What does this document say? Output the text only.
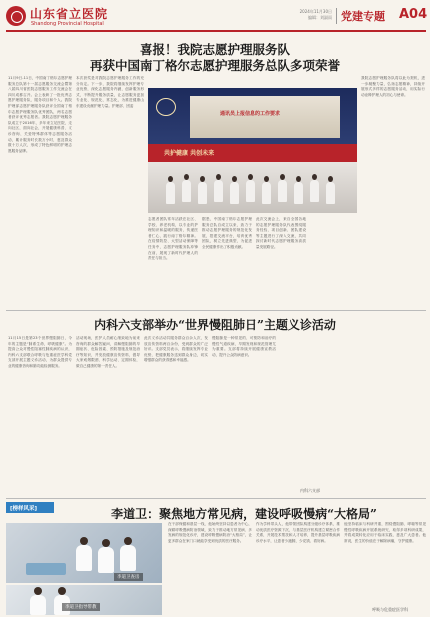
山东省立医院
Shandong Provincial Hospital
2024年11月30日
编辑：刘淑雨 党建专题 A04
喜报！我院志愿护理服务队
再获中国南丁格尔志愿护理服务总队多项荣誉
11月9日-11日，中国南丁格尔志愿护理服务总队第十一届志愿服务交流会暨第八届四川省医院志愿服务工作交流会在四川成都召开。会上表彰了一批优秀志愿护理服务队、服务项目和个人。我院护理部志愿护理服务队获评全国南丁格尔志愿护理服务队优秀团队，两名志愿者获评优秀志愿者。我院志愿护理服务队成立于2016年，多年来立足医院，走向社区，面向社会，开展健康科普、义诊咨询、关爱特殊群体等志愿服务活动，累计服务时长数万小时，惠及群众数十万人次，形成了特色鲜明的护理志愿服务品牌。
本次获奖是对我院志愿护理服务工作的充分肯定。下一步，我院将继续发挥护理专业优势，深化志愿服务内涵，创新服务形式，不断提升服务质量，让志愿服务更加专业化、规范化、常态化，为推进健康山东建设贡献护理力量。护理部、团委
通讯员上报信息的工作要求
共护健康 共创未来
志愿者团队常年活跃在社区、学校、养老机构，以专业的护理知识和温暖的服务，传递医者仁心，践行南丁格尔精神。在疫情防控、大型活动保障等任务中，志愿护理服务队冲锋在前，展现了新时代护理人的责任与担当。
据悉，中国南丁格尔志愿护理服务总队自成立以来，致力于推动志愿护理服务的规范化发展，搭建交流平台，培育优秀团队，树立先进典型，为促进全民健康作出了积极贡献。
此次交流会上，来自全国各地的志愿护理服务队代表围绕服务经验、项目创新、团队建设等主题进行了深入交流，共同探讨新时代志愿护理服务高质量发展路径。
我院志愿护理服务队将以此为契机，进一步凝聚力量，弘扬志愿精神，持续开展形式多样的志愿服务活动，用实际行动诠释护理人的初心与使命。
内科六支部举办“世界慢阻肺日”主题义诊活动
11月15日是第23个世界慢阻肺日，今年的主题是“肺系生命，呼吸健康”。为提高公众对慢性阻塞性肺疾病的认识，内科六支部联合呼吸与危重症医学科党支部开展主题义诊活动，为群众提供专业的健康咨询和肺功能检测服务。
活动现场，医护人员耐心细致地为前来咨询的群众解答疑问，讲解慢阻肺的早期症状、危险因素、预防措施及规范治疗等知识，并发放健康宣传资料，倡导大家戒烟限酒、科学运动、定期体检，做自己健康的第一责任人。
此次义诊活动共服务群众百余人次，发放宣传资料两百余份，受到群众的广泛好评。支部党员表示，将继续发挥专业优势，把健康服务送到群众身边，切实增强群众的获得感和幸福感。
慢阻肺是一种常见的、可预防和治疗的慢性气道疾病，早期发现和规范管理尤为重要。支部将持续开展健康宣教活动，提升公众防病意识。
内科六支部
[榜样风采]	李道卫：聚焦地方常见病，建设呼吸慢病“大格局”
李道卫查房
李道卫指导带教
在干部保健和基层一线，他始终坚持以患者为中心，深耕呼吸慢病防治领域，致力于推动地方常见病、多发病的规范化诊疗，建设呼吸慢病防治“大格局”，让更多群众在家门口就能享受到优质的医疗服务。
作为学科带头人，他带领团队构建分级诊疗体系，推动优质医疗资源下沉，与基层医疗机构建立紧密合作关系，开展技术帮扶和人才培养，提升基层呼吸疾病诊疗水平，让患者少跑腿、少花钱、看好病。
他坚持临床与科研并重，围绕慢阻肺、哮喘等常见慢性呼吸疾病开展系统研究，取得多项科研成果，并将成果转化应用于临床实践，惠及广大患者。他常说，医生的价值在于解除病痛，守护健康。
呼吸与危重症医学科
